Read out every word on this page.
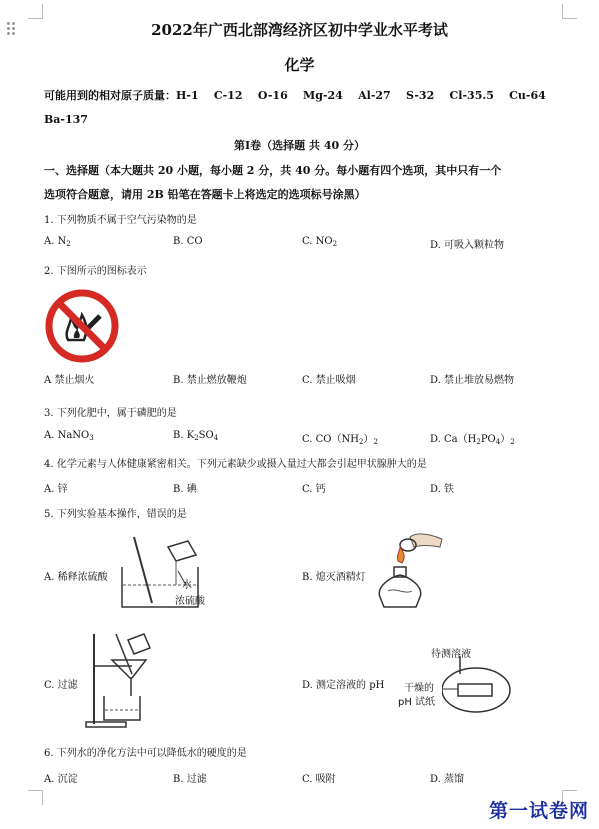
2022年广西北部湾经济区初中学业水平考试
化学
可能用到的相对原子质量：H-1    C-12    O-16    Mg-24    Al-27    S-32    Cl-35.5    Cu-64
Ba-137
第Ⅰ卷（选择题 共 40 分）
一、选择题（本大题共 20 小题，每小题 2 分，共 40 分。每小题有四个选项，其中只有一个
选项符合题意，请用 2B 铅笔在答题卡上将选定的选项标号涂黑）
1. 下列物质不属于空气污染物的是
A. $N_2$	B. CO	C. $NO_2$	D. 可吸入颗粒物
2. 下图所示的图标表示
A 禁止烟火	B. 禁止燃放鞭炮	C. 禁止吸烟	D. 禁止堆放易燃物
3. 下列化肥中，属于磷肥的是
A. NaNO$_3$	B. $K_2SO_4$	C. $CO(NH_2)_2$	D. $Ca(H_2PO_4)_2$
4. 化学元素与人体健康紧密相关。下列元素缺少或摄入量过大都会引起甲状腺肿大的是
A. 锌	B. 碘	C. 钙	D. 铁
5. 下列实验基本操作，错误的是
水
浓硫酸
A. 稀释浓硫酸	B. 熄灭酒精灯
C. 过滤
待测溶液
干燥的
pH 试纸
D. 测定溶液的 pH
6. 下列水的净化方法中可以降低水的硬度的是
A. 沉淀	B. 过滤	C. 吸附	D. 蒸馏
第一试卷网
